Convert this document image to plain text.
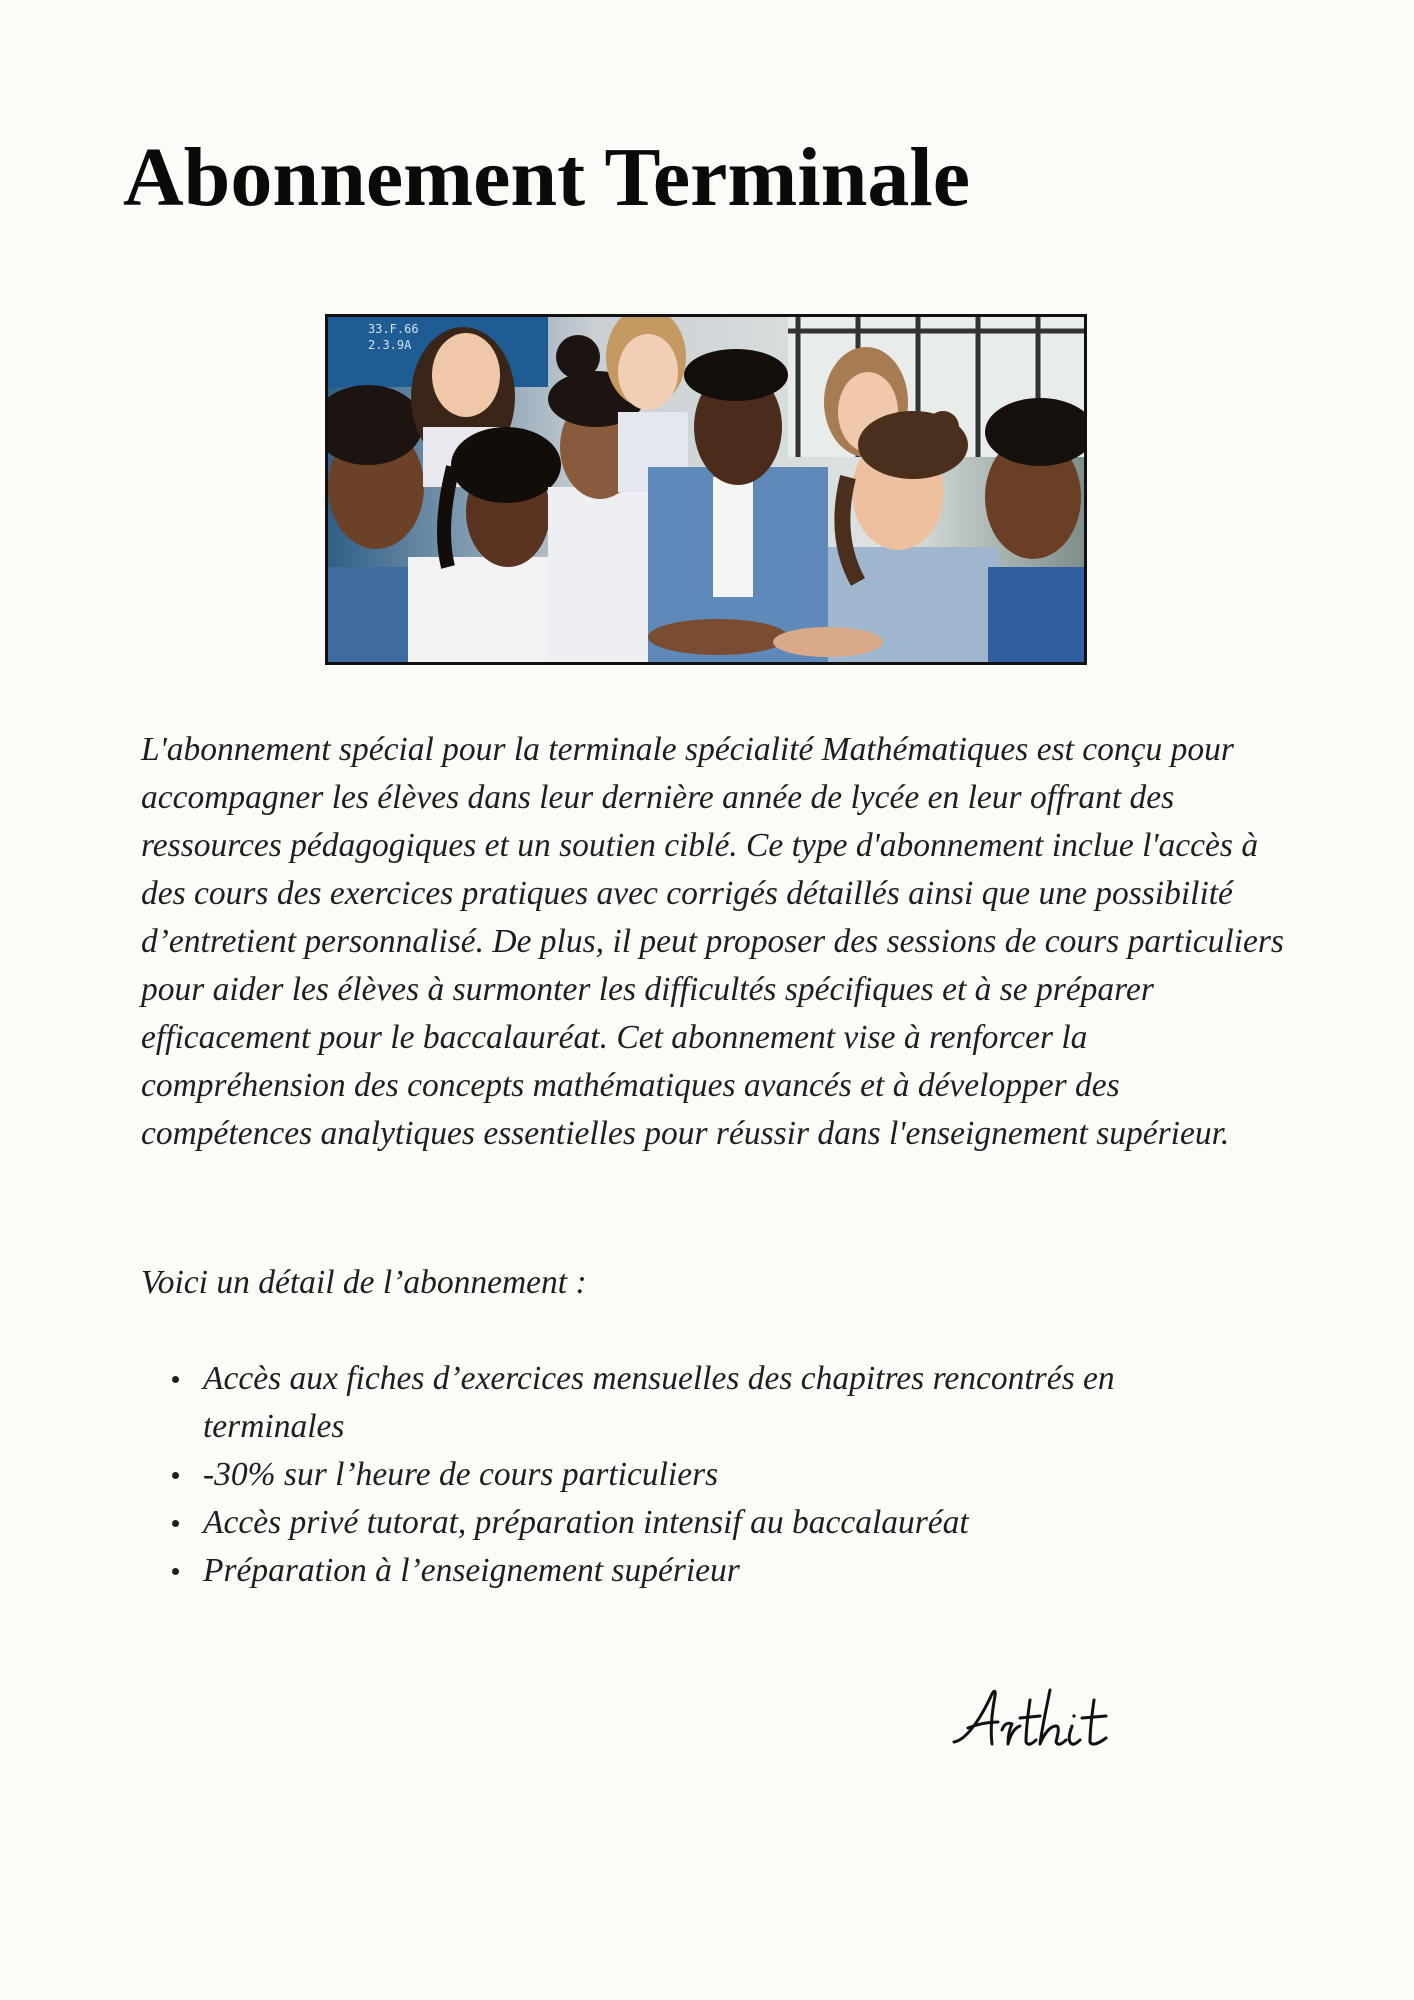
Abonnement Terminale
33.F.66
2.3.9A

L'abonnement spécial pour la terminale spécialité Mathématiques est conçu pour accompagner les élèves dans leur dernière année de lycée en leur offrant des ressources pédagogiques et un soutien ciblé. Ce type d'abonnement inclue l'accès à des cours des exercices pratiques avec corrigés détaillés ainsi que une possibilité d’entretient personnalisé. De plus, il peut proposer des sessions de cours particuliers pour aider les élèves à surmonter les difficultés spécifiques et à se préparer efficacement pour le baccalauréat. Cet abonnement vise à renforcer la compréhension des concepts mathématiques avancés et à développer des compétences analytiques essentielles pour réussir dans l'enseignement supérieur.

Voici un détail de l’abonnement :

Accès aux fiches d’exercices mensuelles des chapitres rencontrés en terminales
-30% sur l’heure de cours particuliers
Accès privé tutorat, préparation intensif au baccalauréat
Préparation à l’enseignement supérieur
